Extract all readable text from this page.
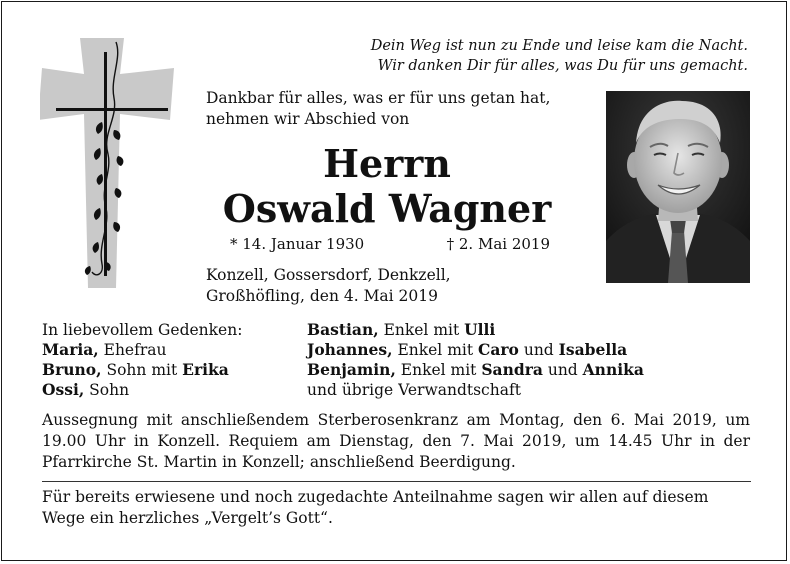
Dein Weg ist nun zu Ende und leise kam die Nacht.
Wir danken Dir für alles, was Du für uns gemacht.
Dankbar für alles, was er für uns getan hat,
nehmen wir Abschied von
Herrn
Oswald Wagner
* 14. Januar 1930	† 2. Mai 2019
Konzell, Gossersdorf, Denkzell,
Großhöfling, den 4. Mai 2019
In liebevollem Gedenken:
Maria, Ehefrau
Bruno, Sohn mit Erika
Ossi, Sohn
Bastian, Enkel mit Ulli
Johannes, Enkel mit Caro und Isabella
Benjamin, Enkel mit Sandra und Annika
und übrige Verwandtschaft

Aussegnung mit anschließendem Sterberosenkranz am Montag, den 6. Mai 2019, um 19.00 Uhr in Konzell. Requiem am Dienstag, den 7. Mai 2019, um 14.45 Uhr in der Pfarrkirche St. Martin in Konzell; anschließend Beerdigung.

Für bereits erwiesene und noch zugedachte Anteilnahme sagen wir allen auf diesem Wege ein herzliches „Vergelt’s Gott“.
